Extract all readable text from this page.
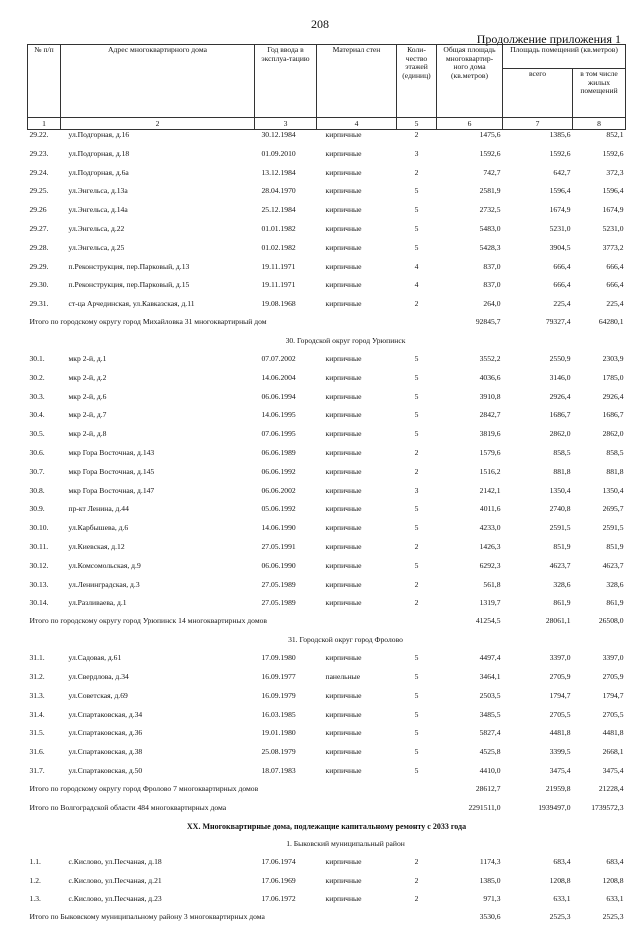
208
Продолжение приложения 1
№ п/п	Адрес многоквартирного дома	Год ввода в эксплуа-тацию	Материал стен	Коли-чество этажей (единиц)	Общая площадь многоквартир-ного дома (кв.метров)	Площадь помещений (кв.метров)	
						всего	в том числе жилых помещений
1	2	3	4	5	6	7	8
29.22.	ул.Подгорная, д.16	30.12.1984	кирпичные	2	1475,6	1385,6	852,1
29.23.	ул.Подгорная, д.18	01.09.2010	кирпичные	3	1592,6	1592,6	1592,6
29.24.	ул.Подгорная, д.6а	13.12.1984	кирпичные	2	742,7	642,7	372,3
29.25.	ул.Энгельса, д.13а	28.04.1970	кирпичные	5	2581,9	1596,4	1596,4
29.26	ул.Энгельса, д.14а	25.12.1984	кирпичные	5	2732,5	1674,9	1674,9
29.27.	ул.Энгельса, д.22	01.01.1982	кирпичные	5	5483,0	5231,0	5231,0
29.28.	ул.Энгельса, д.25	01.02.1982	кирпичные	5	5428,3	3904,5	3773,2
29.29.	п.Реконструкция, пер.Парковый, д.13	19.11.1971	кирпичные	4	837,0	666,4	666,4
29.30.	п.Реконструкция, пер.Парковый, д.15	19.11.1971	кирпичные	4	837,0	666,4	666,4
29.31.	ст-ца Арчединская, ул.Кавказская, д.11	19.08.1968	кирпичные	2	264,0	225,4	225,4
Итого по городскому округу город Михайловка 31 многоквартирный дом					92845,7	79327,4	64280,1
30. Городской округ город Урюпинск							
30.1.	мкр 2-й, д.1	07.07.2002	кирпичные	5	3552,2	2550,9	2303,9
30.2.	мкр 2-й, д.2	14.06.2004	кирпичные	5	4036,6	3146,0	1785,0
30.3.	мкр 2-й, д.6	06.06.1994	кирпичные	5	3910,8	2926,4	2926,4
30.4.	мкр 2-й, д.7	14.06.1995	кирпичные	5	2842,7	1686,7	1686,7
30.5.	мкр 2-й, д.8	07.06.1995	кирпичные	5	3819,6	2862,0	2862,0
30.6.	мкр Гора Восточная, д.143	06.06.1989	кирпичные	2	1579,6	858,5	858,5
30.7.	мкр Гора Восточная, д.145	06.06.1992	кирпичные	2	1516,2	881,8	881,8
30.8.	мкр Гора Восточная, д.147	06.06.2002	кирпичные	3	2142,1	1350,4	1350,4
30.9.	пр-кт Ленина, д.44	05.06.1992	кирпичные	5	4011,6	2740,8	2695,7
30.10.	ул.Карбышева, д.6	14.06.1990	кирпичные	5	4233,0	2591,5	2591,5
30.11.	ул.Киевская, д.12	27.05.1991	кирпичные	2	1426,3	851,9	851,9
30.12.	ул.Комсомольская, д.9	06.06.1990	кирпичные	5	6292,3	4623,7	4623,7
30.13.	ул.Ленинградская, д.3	27.05.1989	кирпичные	2	561,8	328,6	328,6
30.14.	ул.Разливаева, д.1	27.05.1989	кирпичные	2	1319,7	861,9	861,9
Итого по городскому округу город Урюпинск 14 многоквартирных домов					41254,5	28061,1	26508,0
31. Городской округ город Фролово							
31.1.	ул.Садовая, д.61	17.09.1980	кирпичные	5	4497,4	3397,0	3397,0
31.2.	ул.Свердлова, д.34	16.09.1977	панельные	5	3464,1	2705,9	2705,9
31.3.	ул.Советская, д.69	16.09.1979	кирпичные	5	2503,5	1794,7	1794,7
31.4.	ул.Спартаковская, д.34	16.03.1985	кирпичные	5	3485,5	2705,5	2705,5
31.5.	ул.Спартаковская, д.36	19.01.1980	кирпичные	5	5827,4	4481,8	4481,8
31.6.	ул.Спартаковская, д.38	25.08.1979	кирпичные	5	4525,8	3399,5	2668,1
31.7.	ул.Спартаковская, д.50	18.07.1983	кирпичные	5	4410,0	3475,4	3475,4
Итого по городскому округу город Фролово 7 многоквартирных домов					28612,7	21959,8	21228,4
Итого по Волгоградской области 484 многоквартирных дома					2291511,0	1939497,0	1739572,3
XX. Многоквартирные дома, подлежащие капитальному ремонту с 2033 года							
1. Быковский муниципальный район							
1.1.	с.Кислово, ул.Песчаная, д.18	17.06.1974	кирпичные	2	1174,3	683,4	683,4
1.2.	с.Кислово, ул.Песчаная, д.21	17.06.1969	кирпичные	2	1385,0	1208,8	1208,8
1.3.	с.Кислово, ул.Песчаная, д.23	17.06.1972	кирпичные	2	971,3	633,1	633,1
Итого по Быковскому муниципальному району 3 многоквартирных дома					3530,6	2525,3	2525,3
